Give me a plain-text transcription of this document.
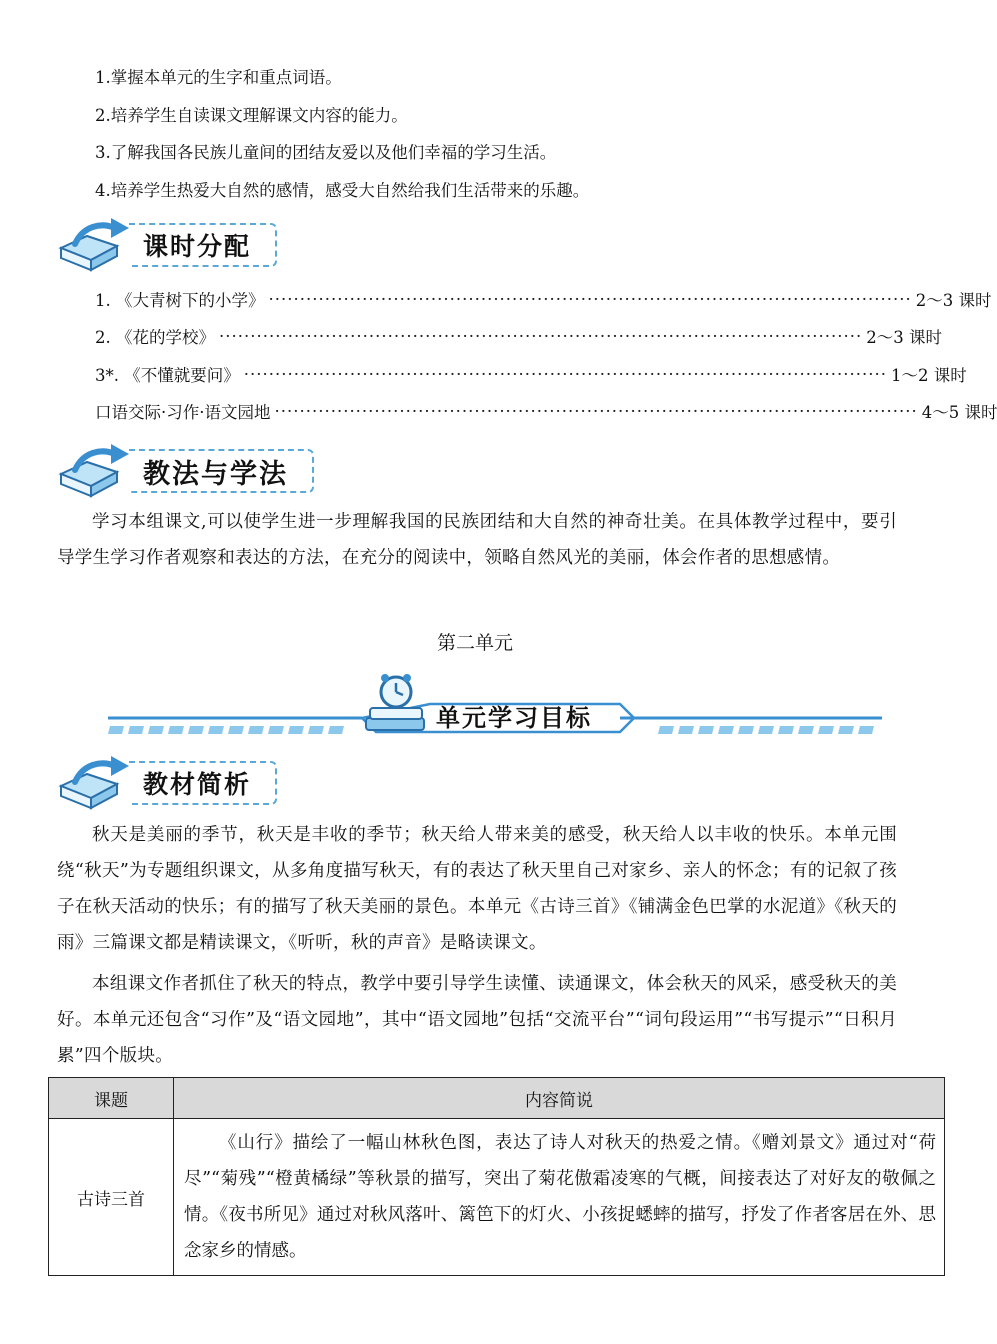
1.掌握本单元的生字和重点词语。
2.培养学生自读课文理解课文内容的能力。
3.了解我国各民族儿童间的团结友爱以及他们幸福的学习生活。
4.培养学生热爱大自然的感情，感受大自然给我们生活带来的乐趣。
课时分配
1. 《大青树下的小学》 ······································································································· 2～3 课时
2. 《花的学校》 ······································································································· 2～3 课时
3*. 《不懂就要问》 ······································································································· 1～2 课时
口语交际·习作·语文园地 ······································································································· 4～5 课时
教法与学法
学习本组课文,可以使学生进一步理解我国的民族团结和大自然的神奇壮美。在具体教学过程中，要引导学生学习作者观察和表达的方法，在充分的阅读中，领略自然风光的美丽，体会作者的思想感情。
第二单元
单元学习目标
教材简析
秋天是美丽的季节，秋天是丰收的季节；秋天给人带来美的感受，秋天给人以丰收的快乐。本单元围绕“秋天”为专题组织课文，从多角度描写秋天，有的表达了秋天里自己对家乡、亲人的怀念；有的记叙了孩子在秋天活动的快乐；有的描写了秋天美丽的景色。本单元《古诗三首》《铺满金色巴掌的水泥道》《秋天的雨》三篇课文都是精读课文，《听听，秋的声音》是略读课文。
本组课文作者抓住了秋天的特点，教学中要引导学生读懂、读通课文，体会秋天的风采，感受秋天的美好。本单元还包含“习作”及“语文园地”，其中“语文园地”包括“交流平台”“词句段运用”“书写提示”“日积月累”四个版块。
课题	内容简说
古诗三首	《山行》描绘了一幅山林秋色图，表达了诗人对秋天的热爱之情。《赠刘景文》通过对“荷尽”“菊残”“橙黄橘绿”等秋景的描写，突出了菊花傲霜凌寒的气概，间接表达了对好友的敬佩之情。《夜书所见》通过对秋风落叶、篱笆下的灯火、小孩捉蟋蟀的描写，抒发了作者客居在外、思念家乡的情感。
